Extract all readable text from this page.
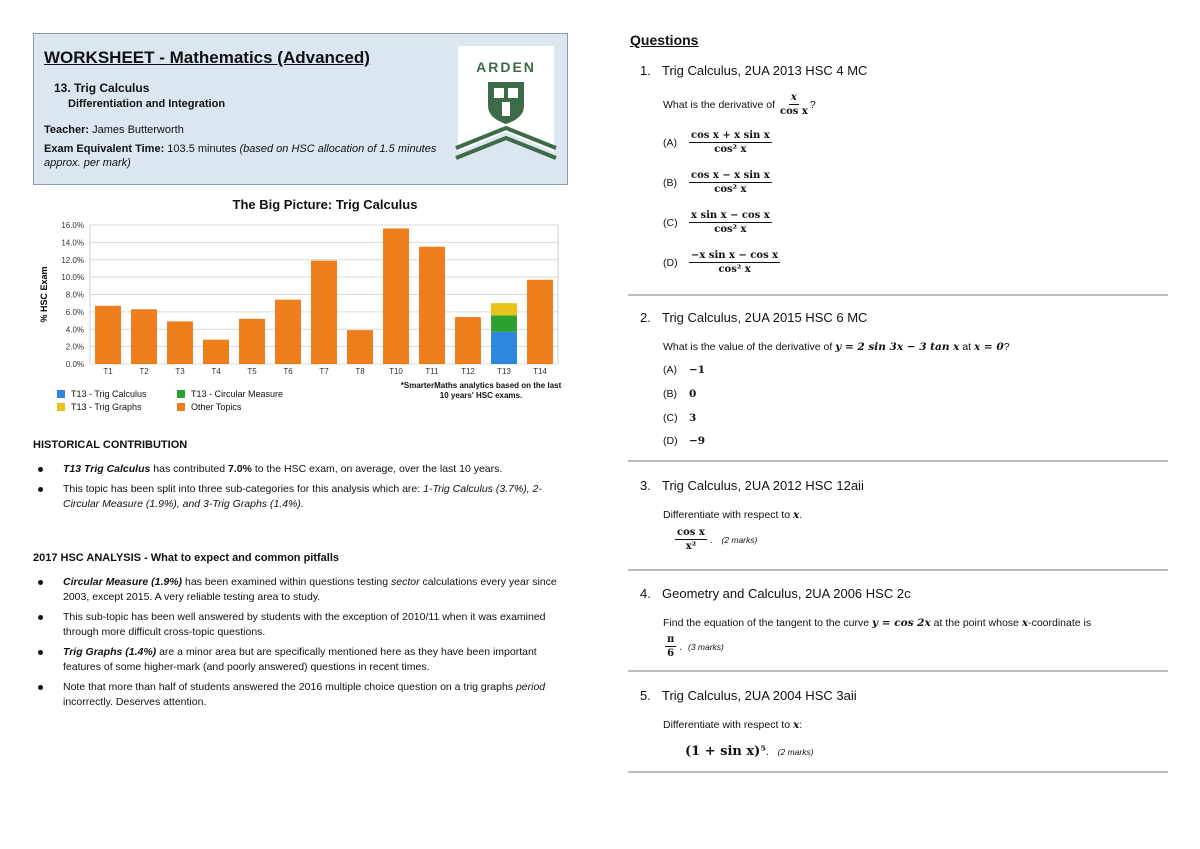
WORKSHEET - Mathematics (Advanced)
13. Trig Calculus
Differentiation and Integration
Teacher: James Butterworth
Exam Equivalent Time: 103.5 minutes (based on HSC allocation of 1.5 minutes approx. per mark)
ARDEN
The Big Picture: Trig Calculus
0.0%
2.0%
4.0%
6.0%
8.0%
10.0%
12.0%
14.0%
16.0%
% HSC Exam
T1	T2	T3	T4	T5	T6	T7	T8	T10	T11	T12	T13	T14
T13 - Trig Calculus	T13 - Circular Measure
T13 - Trig Graphs	Other Topics
*SmarterMaths analytics based on the last 10 years' HSC exams.
HISTORICAL CONTRIBUTION
T13 Trig Calculus has contributed 7.0% to the HSC exam, on average, over the last 10 years.
This topic has been split into three sub-categories for this analysis which are: 1-Trig Calculus (3.7%), 2-Circular Measure (1.9%), and 3-Trig Graphs (1.4%).
2017 HSC ANALYSIS - What to expect and common pitfalls
Circular Measure (1.9%) has been examined within questions testing sector calculations every year since 2003, except 2015. A very reliable testing area to study.
This sub-topic has been well answered by students with the exception of 2010/11 when it was examined through more difficult cross-topic questions.
Trig Graphs (1.4%) are a minor area but are specifically mentioned here as they have been important features of some higher-mark (and poorly answered) questions in recent times.
Note that more than half of students answered the 2016 multiple choice question on a trig graphs period incorrectly. Deserves attention.
Questions
1. Trig Calculus, 2UA 2013 HSC 4 MC
What is the derivative of
$\frac{x}{\text{cos x}}$ ?
(A)	$\frac{\text{cos x + x sin x}}{\text{cos² x}}$
(B)	$\frac{\text{cos x − x sin x}}{\text{cos² x}}$
(C)	$\frac{\text{x sin x − cos x}}{\text{cos² x}}$
(D)	$\frac{\text{−x sin x − cos x}}{\text{cos² x}}$
2. Trig Calculus, 2UA 2015 HSC 6 MC
What is the value of the derivative of y = 2 sin 3x − 3 tan x at x = 0?
(A)	−1
(B)	0
(C)	3
(D)	−9
3. Trig Calculus, 2UA 2012 HSC 12aii
Differentiate with respect to x.
$\frac{\text{cos x}}{\text{x²}}$ . (2 marks)
4. Geometry and Calculus, 2UA 2006 HSC 2c
Find the equation of the tangent to the curve y = cos 2x at the point whose x-coordinate is
$\frac{\pi}{6}$ . (3 marks)
5. Trig Calculus, 2UA 2004 HSC 3aii
Differentiate with respect to x:
(1 + sin x)⁵ . (2 marks)
